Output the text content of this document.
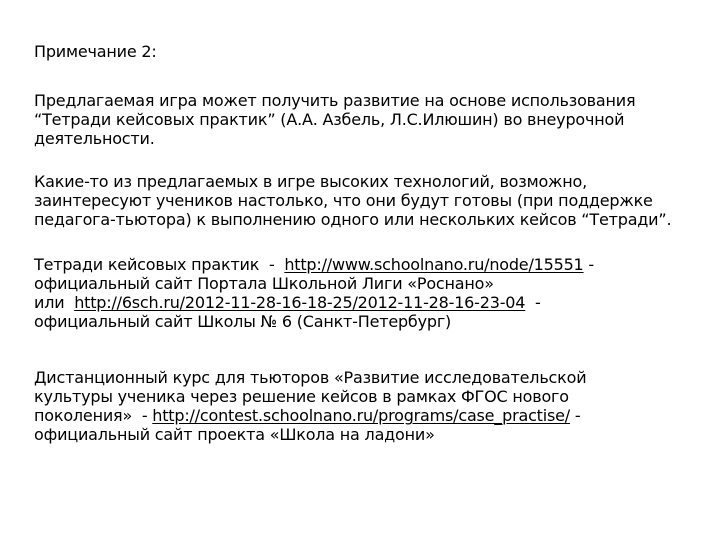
Примечание 2:

Предлагаемая игра может получить развитие на основе использования
“Тетради кейсовых практик” (А.А. Азбель, Л.С.Илюшин) во внеурочной
деятельности.

Какие-то из предлагаемых в игре высоких технологий, возможно,
заинтересуют учеников настолько, что они будут готовы (при поддержке
педагога-тьютора) к выполнению одного или нескольких кейсов “Тетради”.

Тетради кейсовых практик  -  http://www.schoolnano.ru/node/15551 -
официальный сайт Портала Школьной Лиги «Роснано»
или  http://6sch.ru/2012-11-28-16-18-25/2012-11-28-16-23-04  -
официальный сайт Школы № 6 (Санкт-Петербург)

Дистанционный курс для тьюторов «Развитие исследовательской
культуры ученика через решение кейсов в рамках ФГОС нового
поколения»  - http://contest.schoolnano.ru/programs/case_practise/ -
официальный сайт проекта «Школа на ладони»
